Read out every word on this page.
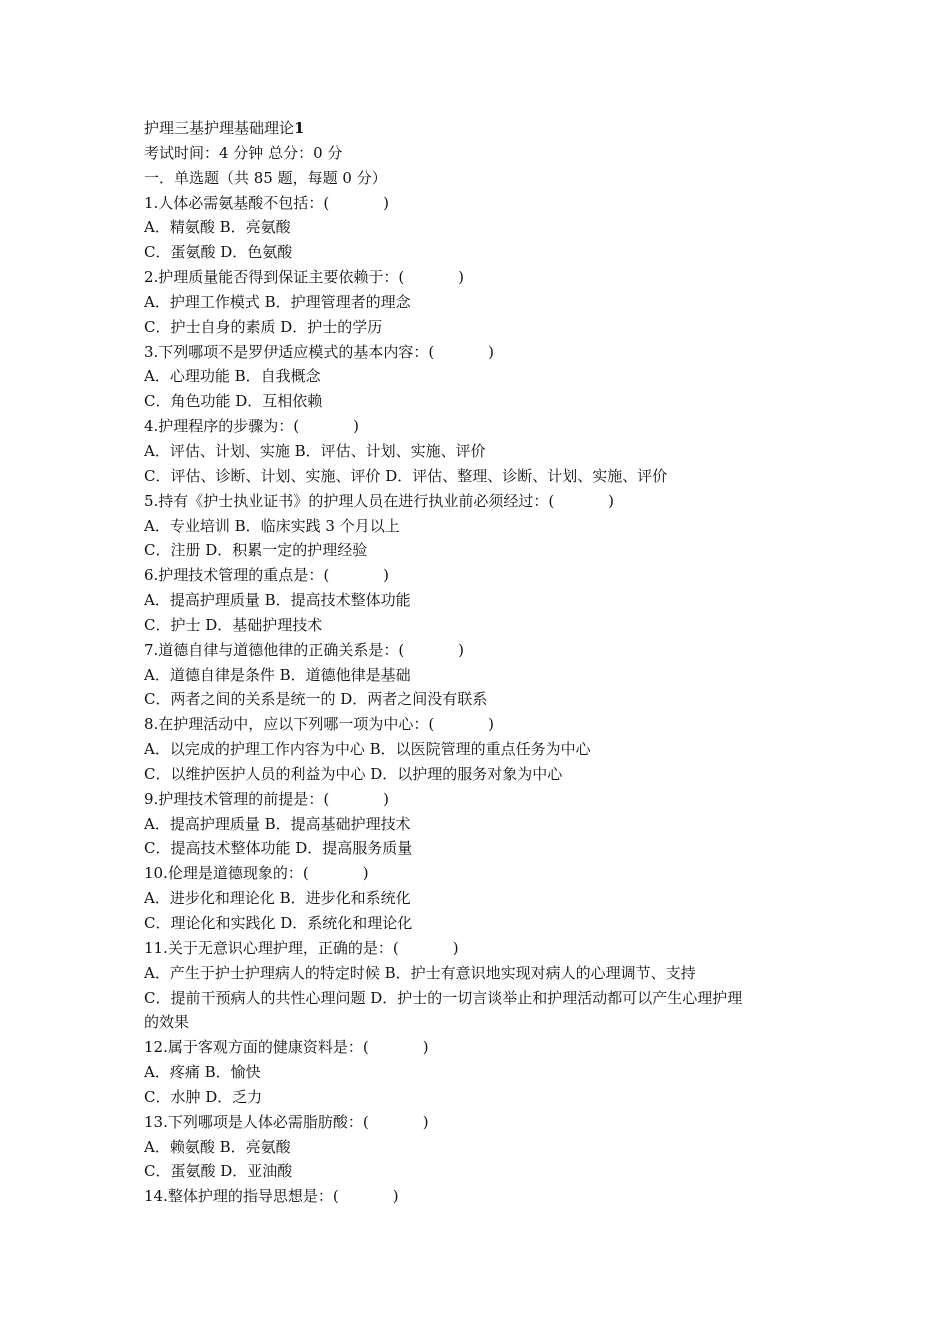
护理三基护理基础理论1
考试时间：4 分钟 总分：0 分
一．单选题（共 85 题，每题 0 分）
1.人体必需氨基酸不包括：(	)
A．精氨酸 B．亮氨酸
C．蛋氨酸 D．色氨酸
2.护理质量能否得到保证主要依赖于：(	)
A．护理工作模式 B．护理管理者的理念
C．护士自身的素质 D．护士的学历
3.下列哪项不是罗伊适应模式的基本内容：(	)
A．心理功能 B．自我概念
C．角色功能 D．互相依赖
4.护理程序的步骤为：(	)
A．评估、计划、实施 B．评估、计划、实施、评价
C．评估、诊断、计划、实施、评价 D．评估、整理、诊断、计划、实施、评价
5.持有《护士执业证书》的护理人员在进行执业前必须经过：(	)
A．专业培训 B．临床实践 3 个月以上
C．注册 D．积累一定的护理经验
6.护理技术管理的重点是：(	)
A．提高护理质量 B．提高技术整体功能
C．护士 D．基础护理技术
7.道德自律与道德他律的正确关系是：(	)
A．道德自律是条件 B．道德他律是基础
C．两者之间的关系是统一的 D．两者之间没有联系
8.在护理活动中，应以下列哪一项为中心：(	)
A．以完成的护理工作内容为中心 B．以医院管理的重点任务为中心
C．以维护医护人员的利益为中心 D．以护理的服务对象为中心
9.护理技术管理的前提是：(	)
A．提高护理质量 B．提高基础护理技术
C．提高技术整体功能 D．提高服务质量
10.伦理是道德现象的：(	)
A．进步化和理论化 B．进步化和系统化
C．理论化和实践化 D．系统化和理论化
11.关于无意识心理护理，正确的是：(	)
A．产生于护士护理病人的特定时候 B．护士有意识地实现对病人的心理调节、支持
C．提前干预病人的共性心理问题 D．护士的一切言谈举止和护理活动都可以产生心理护理
的效果
12.属于客观方面的健康资料是：(	)
A．疼痛 B．愉快
C．水肿 D．乏力
13.下列哪项是人体必需脂肪酸：(	)
A．赖氨酸 B．亮氨酸
C．蛋氨酸 D．亚油酸
14.整体护理的指导思想是：(	)
